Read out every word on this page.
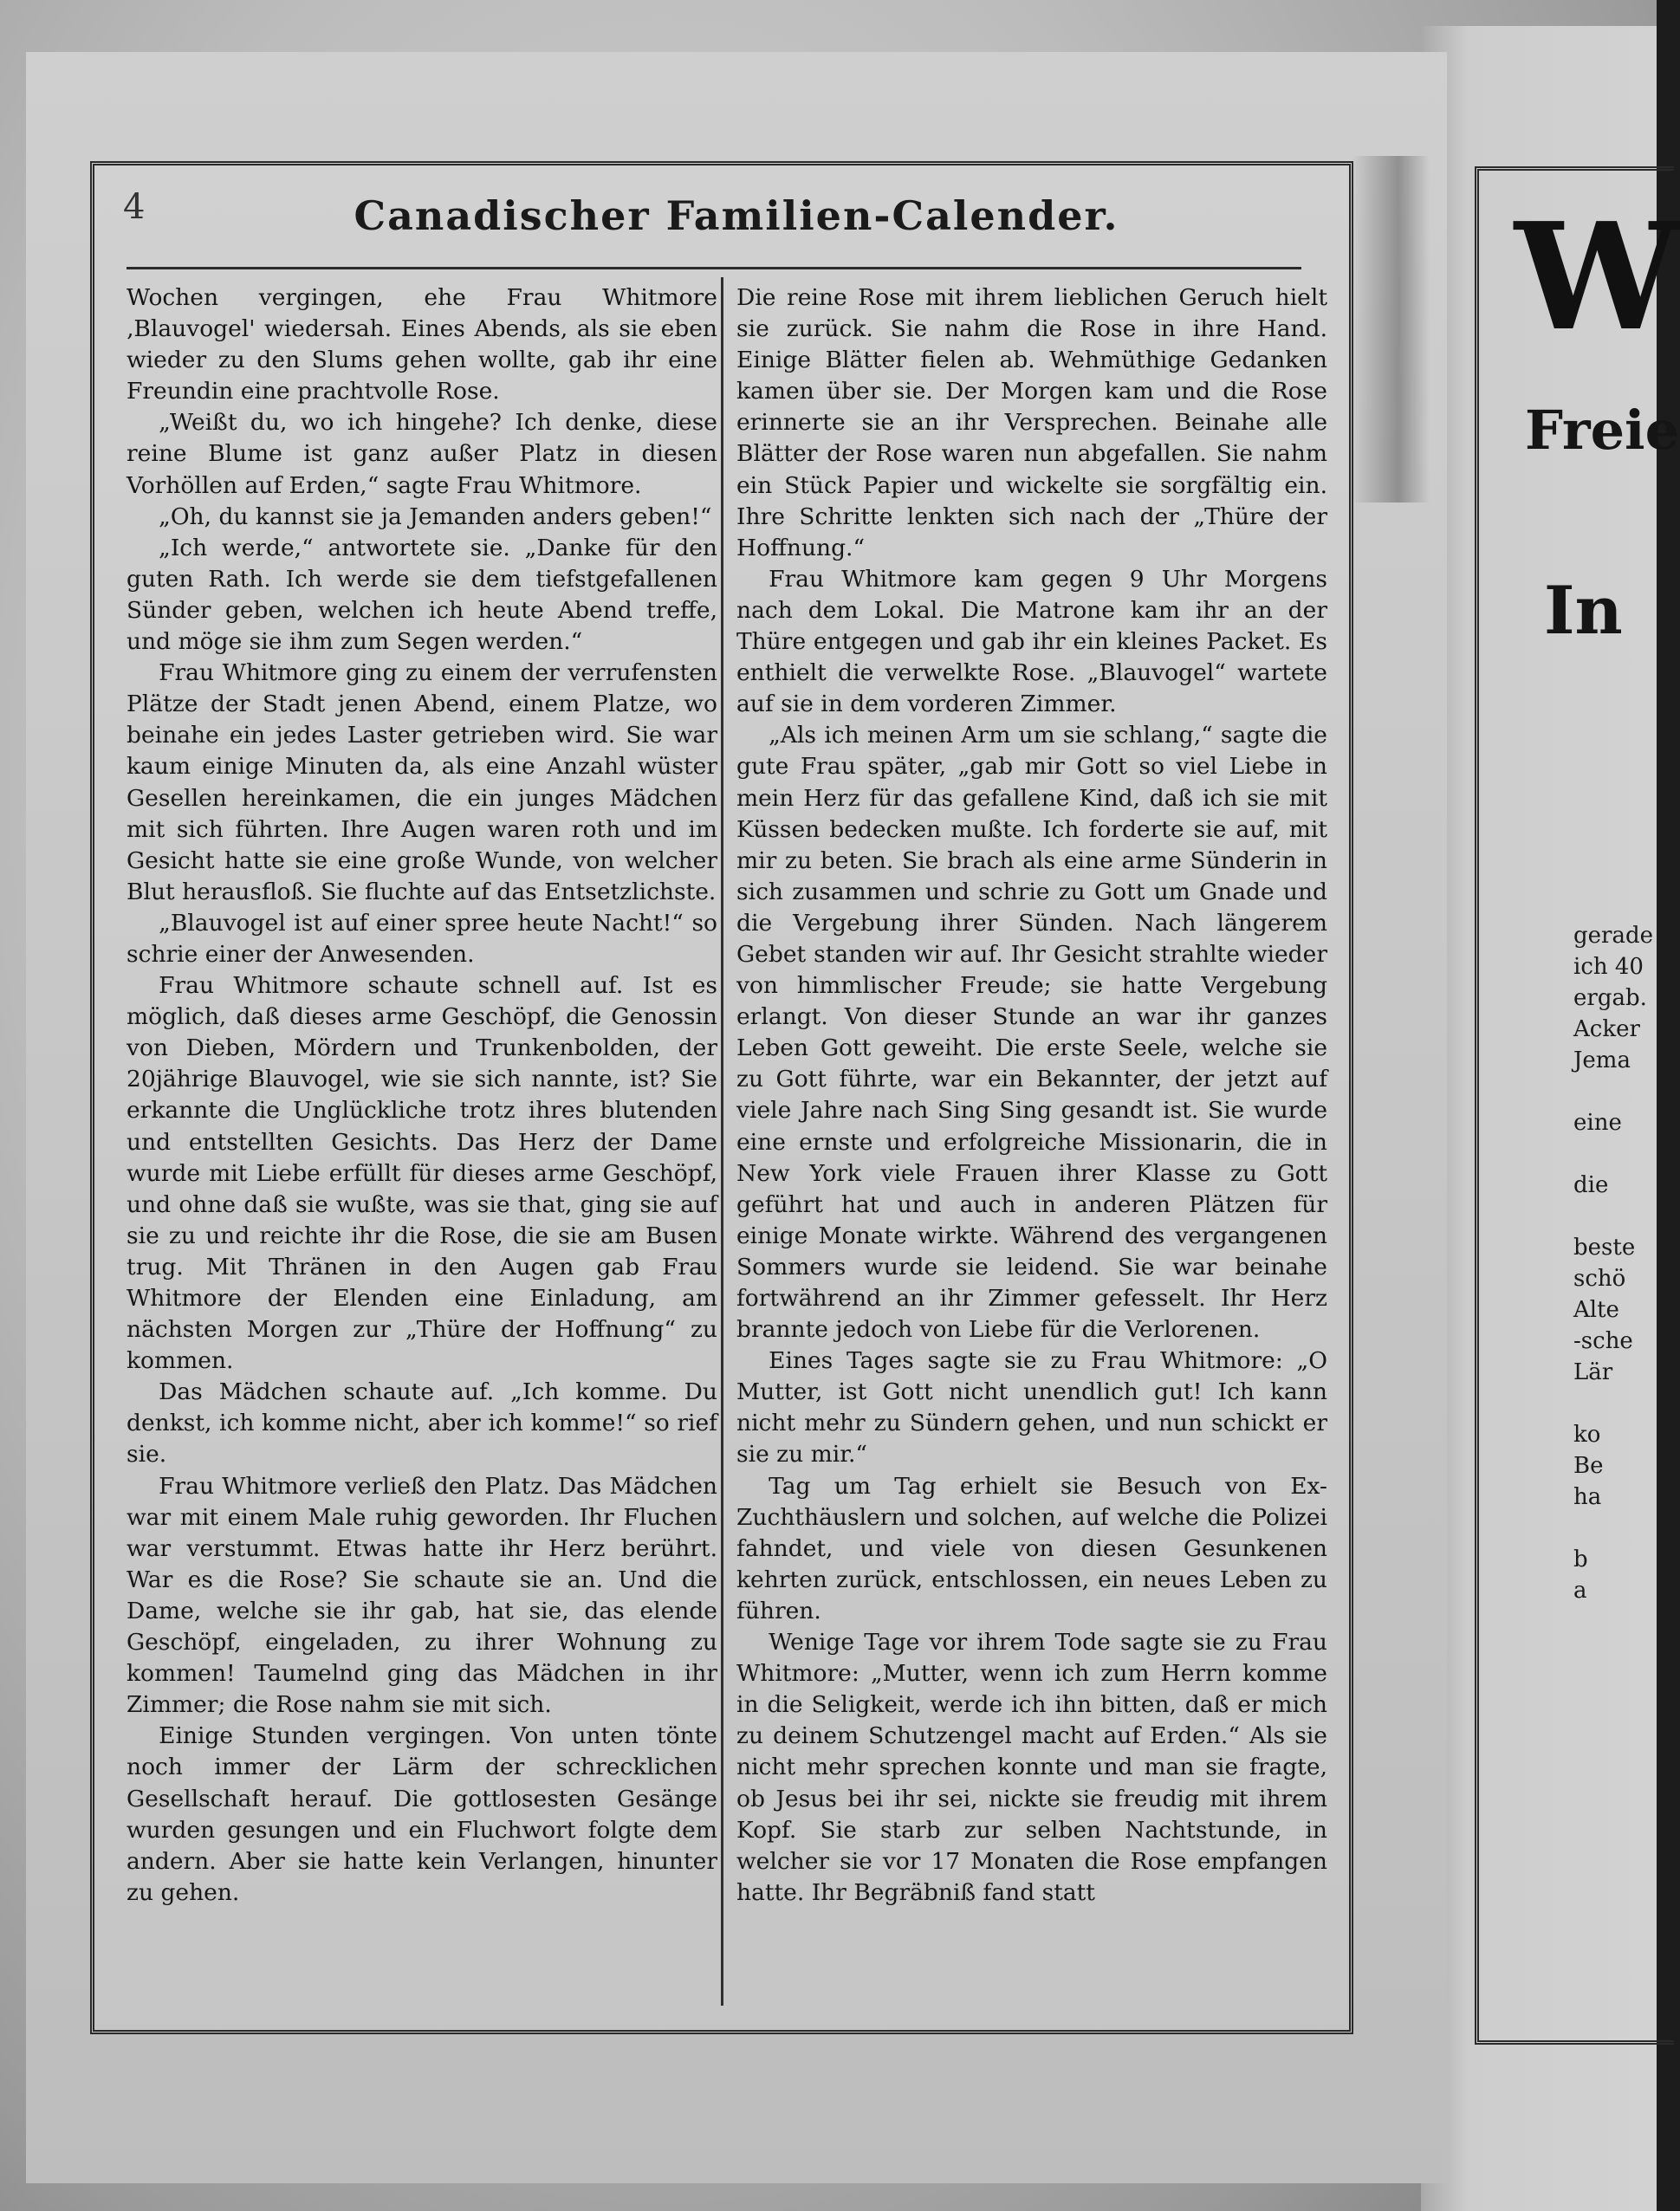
4	Canadischer Familien-Calender.

Wochen vergingen, ehe Frau Whitmore ‚Blauvogel' wiedersah. Eines Abends, als sie eben wieder zu den Slums gehen wollte, gab ihr eine Freundin eine prachtvolle Rose.

„Weißt du, wo ich hingehe? Ich denke, diese reine Blume ist ganz außer Platz in diesen Vorhöllen auf Erden,“ sagte Frau Whitmore.

„Oh, du kannst sie ja Jemanden anders geben!“

„Ich werde,“ antwortete sie. „Danke für den guten Rath. Ich werde sie dem tiefstgefallenen Sünder geben, welchen ich heute Abend treffe, und möge sie ihm zum Segen werden.“

Frau Whitmore ging zu einem der verrufensten Plätze der Stadt jenen Abend, einem Platze, wo beinahe ein jedes Laster getrieben wird. Sie war kaum einige Minuten da, als eine Anzahl wüster Gesellen hereinkamen, die ein junges Mädchen mit sich führten. Ihre Augen waren roth und im Gesicht hatte sie eine große Wunde, von welcher Blut herausfloß. Sie fluchte auf das Entsetzlichste.

„Blauvogel ist auf einer spree heute Nacht!“ so schrie einer der Anwesenden.

Frau Whitmore schaute schnell auf. Ist es möglich, daß dieses arme Geschöpf, die Genossin von Dieben, Mördern und Trunkenbolden, der 20jährige Blauvogel, wie sie sich nannte, ist? Sie erkannte die Unglückliche trotz ihres blutenden und entstellten Gesichts. Das Herz der Dame wurde mit Liebe erfüllt für dieses arme Geschöpf, und ohne daß sie wußte, was sie that, ging sie auf sie zu und reichte ihr die Rose, die sie am Busen trug. Mit Thränen in den Augen gab Frau Whitmore der Elenden eine Einladung, am nächsten Morgen zur „Thüre der Hoffnung“ zu kommen.

Das Mädchen schaute auf. „Ich komme. Du denkst, ich komme nicht, aber ich komme!“ so rief sie.

Frau Whitmore verließ den Platz. Das Mädchen war mit einem Male ruhig geworden. Ihr Fluchen war verstummt. Etwas hatte ihr Herz berührt. War es die Rose? Sie schaute sie an. Und die Dame, welche sie ihr gab, hat sie, das elende Geschöpf, eingeladen, zu ihrer Wohnung zu kommen! Taumelnd ging das Mädchen in ihr Zimmer; die Rose nahm sie mit sich.

Einige Stunden vergingen. Von unten tönte noch immer der Lärm der schrecklichen Gesellschaft herauf. Die gottlosesten Gesänge wurden gesungen und ein Fluchwort folgte dem andern. Aber sie hatte kein Verlangen, hinunter zu gehen.

Die reine Rose mit ihrem lieblichen Geruch hielt sie zurück. Sie nahm die Rose in ihre Hand. Einige Blätter fielen ab. Wehmüthige Gedanken kamen über sie. Der Morgen kam und die Rose erinnerte sie an ihr Versprechen. Beinahe alle Blätter der Rose waren nun abgefallen. Sie nahm ein Stück Papier und wickelte sie sorgfältig ein. Ihre Schritte lenkten sich nach der „Thüre der Hoffnung.“

Frau Whitmore kam gegen 9 Uhr Morgens nach dem Lokal. Die Matrone kam ihr an der Thüre entgegen und gab ihr ein kleines Packet. Es enthielt die verwelkte Rose. „Blauvogel“ wartete auf sie in dem vorderen Zimmer.

„Als ich meinen Arm um sie schlang,“ sagte die gute Frau später, „gab mir Gott so viel Liebe in mein Herz für das gefallene Kind, daß ich sie mit Küssen bedecken mußte. Ich forderte sie auf, mit mir zu beten. Sie brach als eine arme Sünderin in sich zusammen und schrie zu Gott um Gnade und die Vergebung ihrer Sünden. Nach längerem Gebet standen wir auf. Ihr Gesicht strahlte wieder von himmlischer Freude; sie hatte Vergebung erlangt. Von dieser Stunde an war ihr ganzes Leben Gott geweiht. Die erste Seele, welche sie zu Gott führte, war ein Bekannter, der jetzt auf viele Jahre nach Sing Sing gesandt ist. Sie wurde eine ernste und erfolgreiche Missionarin, die in New York viele Frauen ihrer Klasse zu Gott geführt hat und auch in anderen Plätzen für einige Monate wirkte. Während des vergangenen Sommers wurde sie leidend. Sie war beinahe fortwährend an ihr Zimmer gefesselt. Ihr Herz brannte jedoch von Liebe für die Verlorenen.

Eines Tages sagte sie zu Frau Whitmore: „O Mutter, ist Gott nicht unendlich gut! Ich kann nicht mehr zu Sündern gehen, und nun schickt er sie zu mir.“

Tag um Tag erhielt sie Besuch von Ex-Zuchthäuslern und solchen, auf welche die Polizei fahndet, und viele von diesen Gesunkenen kehrten zurück, entschlossen, ein neues Leben zu führen.

Wenige Tage vor ihrem Tode sagte sie zu Frau Whitmore: „Mutter, wenn ich zum Herrn komme in die Seligkeit, werde ich ihn bitten, daß er mich zu deinem Schutzengel macht auf Erden.“ Als sie nicht mehr sprechen konnte und man sie fragte, ob Jesus bei ihr sei, nickte sie freudig mit ihrem Kopf. Sie starb zur selben Nachtstunde, in welcher sie vor 17 Monaten die Rose empfangen hatte. Ihr Begräbniß fand statt

W
Freie
In
gerade
ich 40
ergab.
Acker
Jema
eine
die
beste
schö
Alte
-sche
Lär
ko
Be
ha
b
a
